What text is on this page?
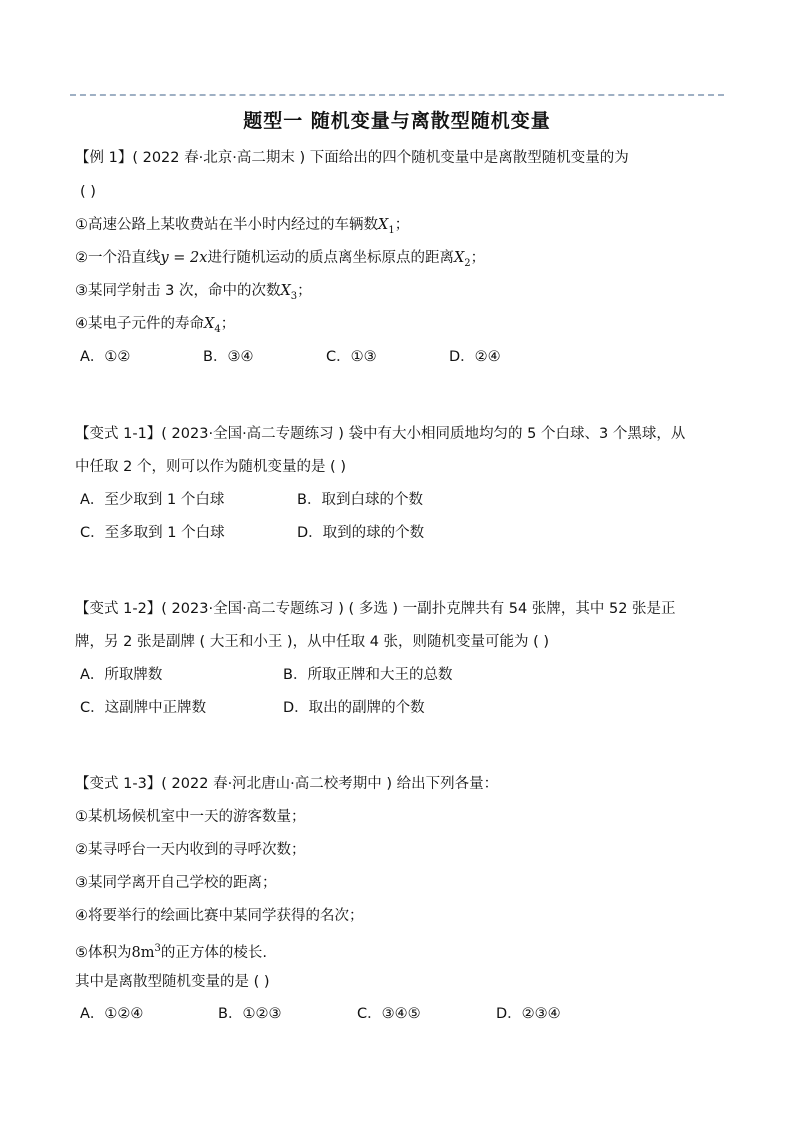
题型一 随机变量与离散型随机变量
【例 1】( 2022 春·北京·高二期末 ) 下面给出的四个随机变量中是离散型随机变量的为
( )
①高速公路上某收费站在半小时内经过的车辆数$X_1$；
②一个沿直线y = 2x进行随机运动的质点离坐标原点的距离$X_2$；
③某同学射击 3 次，命中的次数$X_3$；
④某电子元件的寿命$X_4$；
A．①②	B．③④	C．①③	D．②④
【变式 1-1】( 2023·全国·高二专题练习 ) 袋中有大小相同质地均匀的 5 个白球、3 个黑球，从
中任取 2 个，则可以作为随机变量的是 ( )
A．至少取到 1 个白球	B．取到白球的个数
C．至多取到 1 个白球	D．取到的球的个数
【变式 1-2】( 2023·全国·高二专题练习 ) ( 多选 ) 一副扑克牌共有 54 张牌，其中 52 张是正
牌，另 2 张是副牌 ( 大王和小王 )，从中任取 4 张，则随机变量可能为 ( )
A．所取牌数	B．所取正牌和大王的总数
C．这副牌中正牌数	D．取出的副牌的个数
【变式 1-3】( 2022 春·河北唐山·高二校考期中 ) 给出下列各量：
①某机场候机室中一天的游客数量；
②某寻呼台一天内收到的寻呼次数；
③某同学离开自己学校的距离；
④将要举行的绘画比赛中某同学获得的名次；
⑤体积为$8m^3$的正方体的棱长.
其中是离散型随机变量的是 ( )
A．①②④	B．①②③	C．③④⑤	D．②③④
